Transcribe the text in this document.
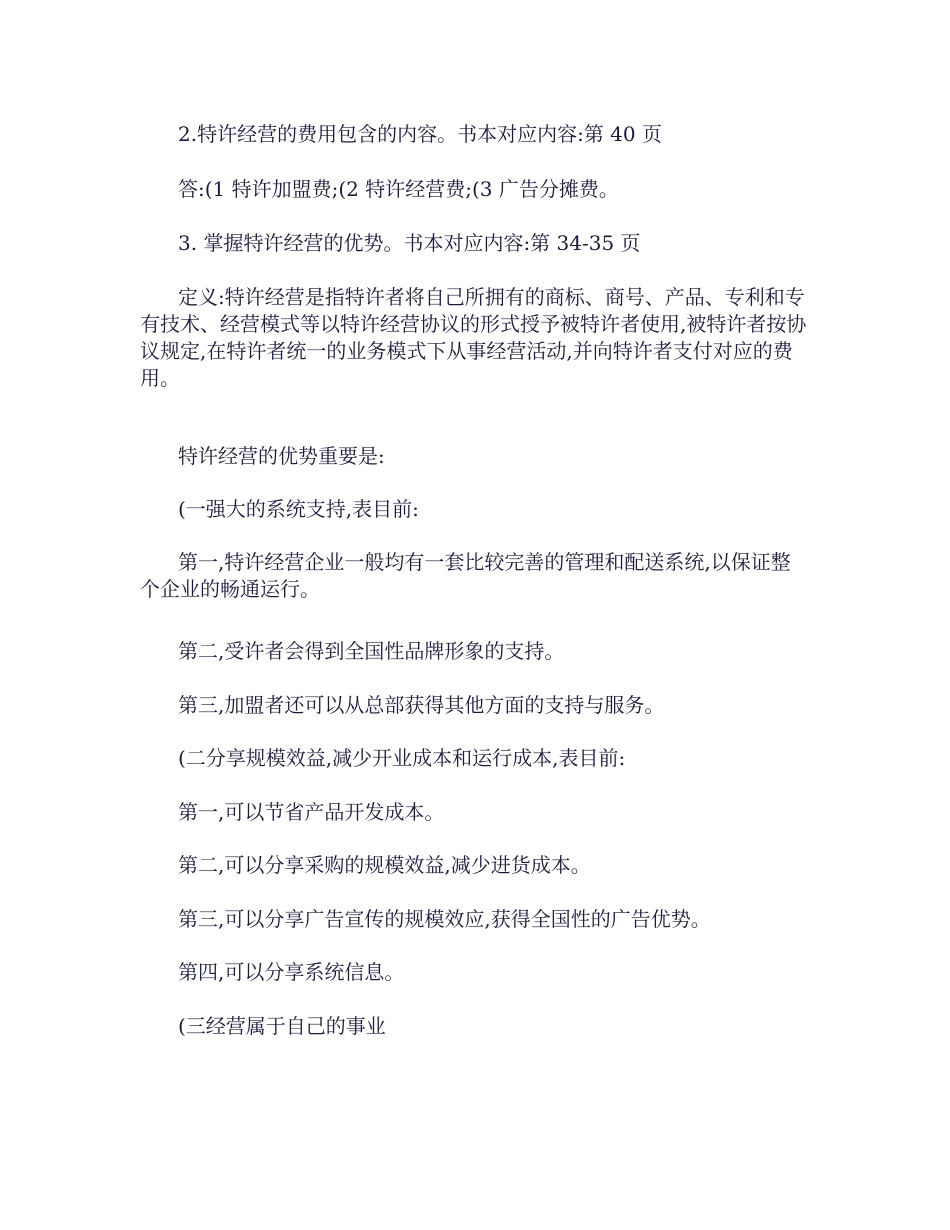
2.特许经营的费用包含的内容。书本对应内容:第 40 页

答:(1 特许加盟费;(2 特许经营费;(3 广告分摊费。

3. 掌握特许经营的优势。书本对应内容:第 34-35 页

定义:特许经营是指特许者将自己所拥有的商标、商号、产品、专利和专有技术、经营模式等以特许经营协议的形式授予被特许者使用,被特许者按协议规定,在特许者统一的业务模式下从事经营活动,并向特许者支付对应的费用。

特许经营的优势重要是:

(一强大的系统支持,表目前:

第一,特许经营企业一般均有一套比较完善的管理和配送系统,以保证整个企业的畅通运行。

第二,受许者会得到全国性品牌形象的支持。

第三,加盟者还可以从总部获得其他方面的支持与服务。

(二分享规模效益,减少开业成本和运行成本,表目前:

第一,可以节省产品开发成本。

第二,可以分享采购的规模效益,减少进货成本。

第三,可以分享广告宣传的规模效应,获得全国性的广告优势。

第四,可以分享系统信息。

(三经营属于自己的事业
